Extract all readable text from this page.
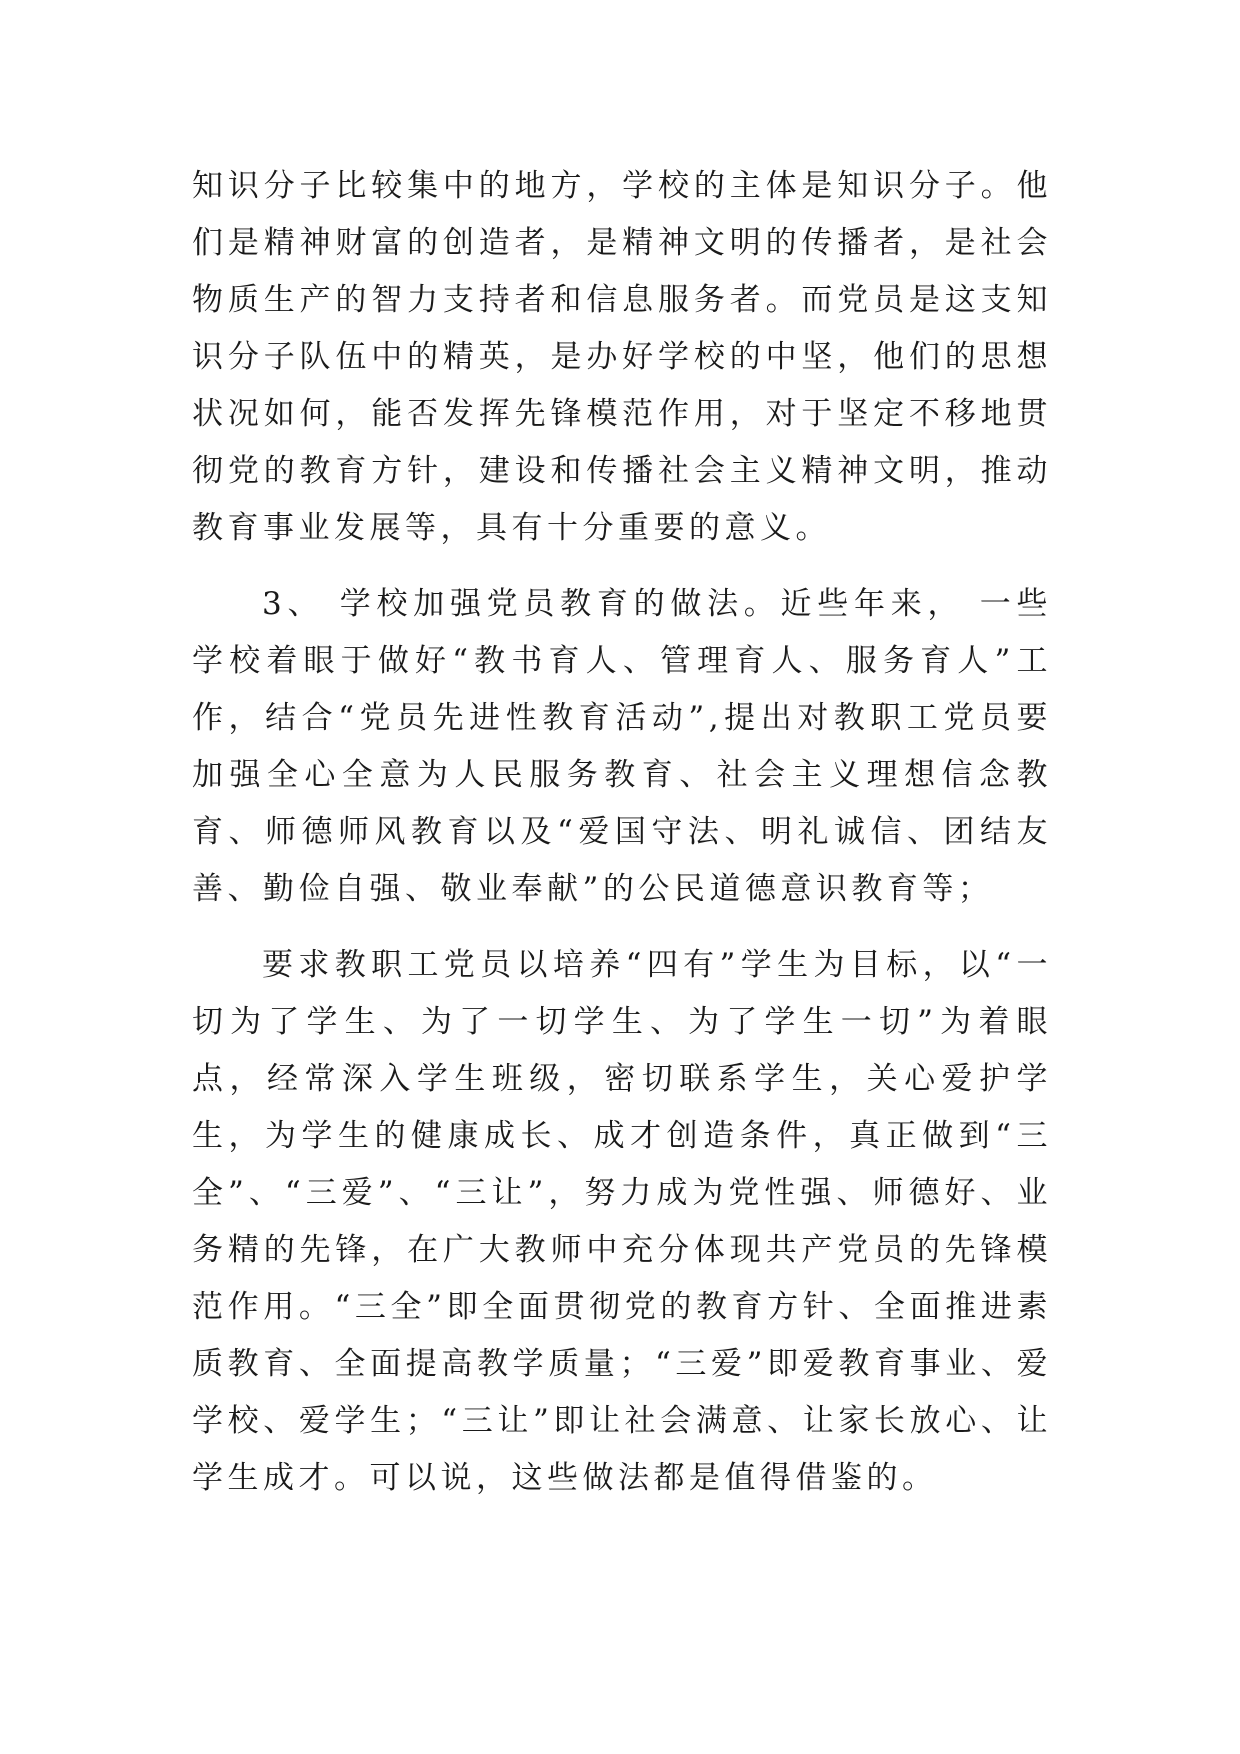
知识分子比较集中的地方，学校的主体是知识分子。他们是精神财富的创造者，是精神文明的传播者，是社会物质生产的智力支持者和信息服务者。而党员是这支知识分子队伍中的精英，是办好学校的中坚，他们的思想状况如何，能否发挥先锋模范作用，对于坚定不移地贯彻党的教育方针，建设和传播社会主义精神文明，推动教育事业发展等，具有十分重要的意义。

3、 学校加强党员教育的做法。近些年来， 一些学校着眼于做好“教书育人、管理育人、服务育人”工作，结合“党员先进性教育活动”,提出对教职工党员要加强全心全意为人民服务教育、社会主义理想信念教育、师德师风教育以及“爱国守法、明礼诚信、团结友善、勤俭自强、敬业奉献”的公民道德意识教育等；

要求教职工党员以培养“四有”学生为目标，以“一切为了学生、为了一切学生、为了学生一切”为着眼点，经常深入学生班级，密切联系学生，关心爱护学生，为学生的健康成长、成才创造条件，真正做到“三全”、“三爱”、“三让”，努力成为党性强、师德好、业务精的先锋，在广大教师中充分体现共产党员的先锋模范作用。“三全”即全面贯彻党的教育方针、全面推进素质教育、全面提高教学质量；“三爱”即爱教育事业、爱学校、爱学生；“三让”即让社会满意、让家长放心、让学生成才。可以说，这些做法都是值得借鉴的。
